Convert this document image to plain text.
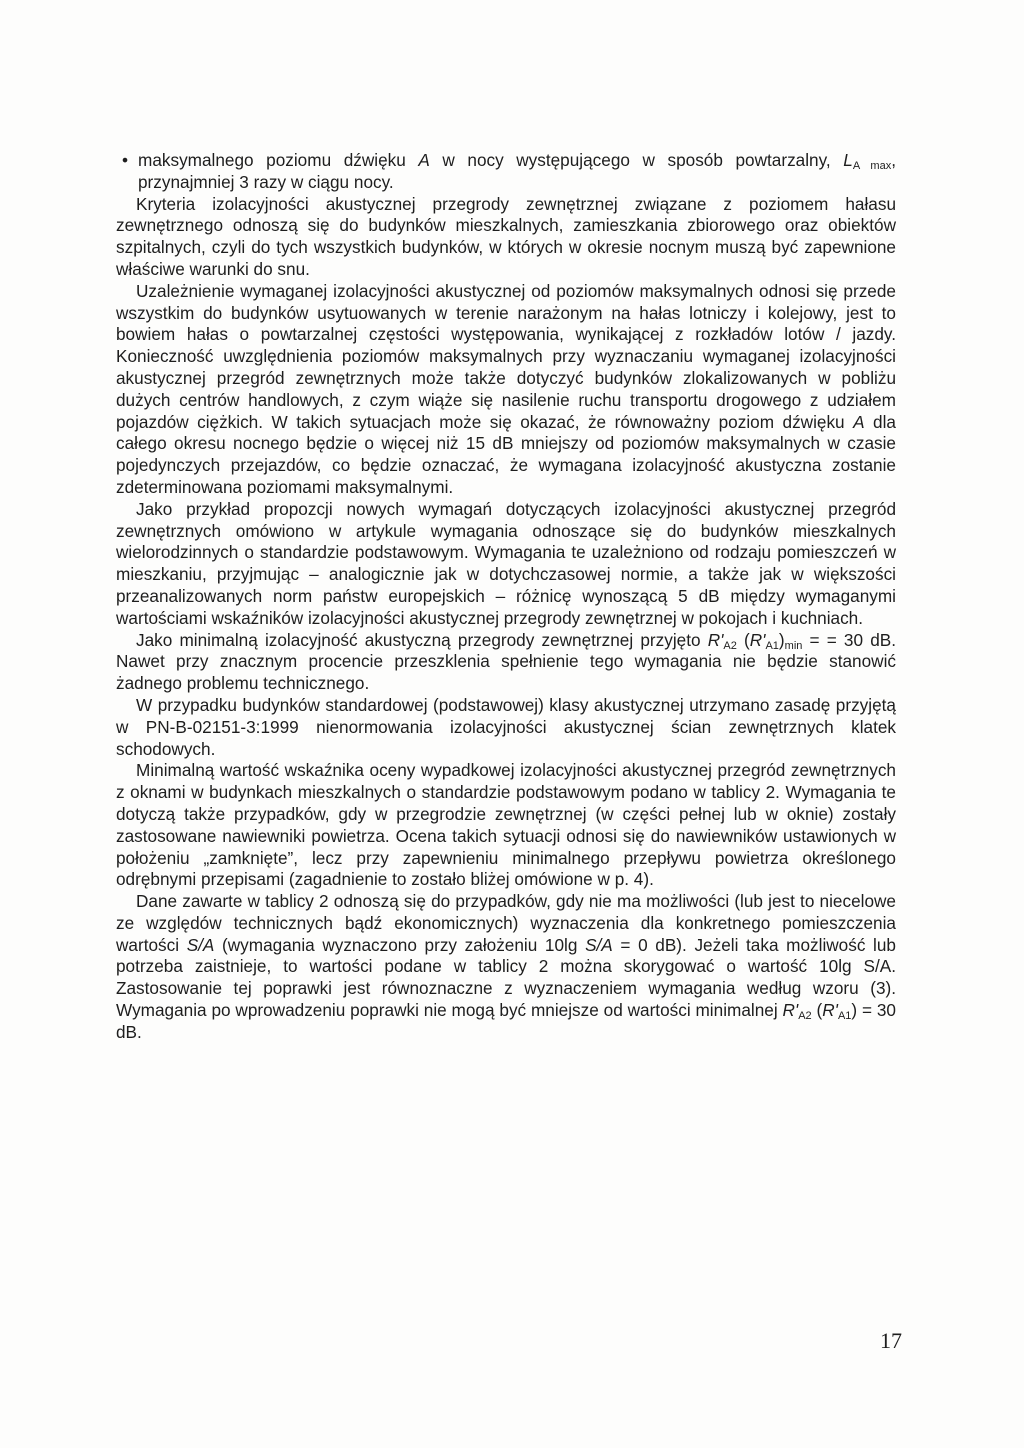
• maksymalnego poziomu dźwięku A w nocy występującego w sposób powtarzalny, $L_{A max}$, przynajmniej 3 razy w ciągu nocy.

Kryteria izolacyjności akustycznej przegrody zewnętrznej związane z poziomem hałasu zewnętrznego odnoszą się do budynków mieszkalnych, zamieszkania zbiorowego oraz obiektów szpitalnych, czyli do tych wszystkich budynków, w których w okresie nocnym muszą być zapewnione właściwe warunki do snu.

Uzależnienie wymaganej izolacyjności akustycznej od poziomów maksymalnych odnosi się przede wszystkim do budynków usytuowanych w terenie narażonym na hałas lotniczy i kolejowy, jest to bowiem hałas o powtarzalnej częstości występowania, wynikającej z rozkładów lotów / jazdy. Konieczność uwzględnienia poziomów maksymalnych przy wyznaczaniu wymaganej izolacyjności akustycznej przegród zewnętrznych może także dotyczyć budynków zlokalizowanych w pobliżu dużych centrów handlowych, z czym wiąże się nasilenie ruchu transportu drogowego z udziałem pojazdów ciężkich. W takich sytuacjach może się okazać, że równoważny poziom dźwięku A dla całego okresu nocnego będzie o więcej niż 15 dB mniejszy od poziomów maksymalnych w czasie pojedynczych przejazdów, co będzie oznaczać, że wymagana izolacyjność akustyczna zostanie zdeterminowana poziomami maksymalnymi.

Jako przykład propozcji nowych wymagań dotyczących izolacyjności akustycznej przegród zewnętrznych omówiono w artykule wymagania odnoszące się do budynków mieszkalnych wielorodzinnych o standardzie podstawowym. Wymagania te uzależniono od rodzaju pomieszczeń w mieszkaniu, przyjmując – analogicznie jak w dotychczasowej normie, a także jak w większości przeanalizowanych norm państw europejskich – różnicę wynoszącą 5 dB między wymaganymi wartościami wskaźników izolacyjności akustycznej przegrody zewnętrznej w pokojach i kuchniach.

Jako minimalną izolacyjność akustyczną przegrody zewnętrznej przyjęto $R'_{A2}$ $(R'_{A1})_{min}$ = = 30 dB. Nawet przy znacznym procencie przeszklenia spełnienie tego wymagania nie będzie stanowić żadnego problemu technicznego.

W przypadku budynków standardowej (podstawowej) klasy akustycznej utrzymano zasadę przyjętą w PN-B-02151-3:1999 nienormowania izolacyjności akustycznej ścian zewnętrznych klatek schodowych.

Minimalną wartość wskaźnika oceny wypadkowej izolacyjności akustycznej przegród zewnętrznych z oknami w budynkach mieszkalnych o standardzie podstawowym podano w tablicy 2. Wymagania te dotyczą także przypadków, gdy w przegrodzie zewnętrznej (w części pełnej lub w oknie) zostały zastosowane nawiewniki powietrza. Ocena takich sytuacji odnosi się do nawiewników ustawionych w położeniu „zamknięte”, lecz przy zapewnieniu minimalnego przepływu powietrza określonego odrębnymi przepisami (zagadnienie to zostało bliżej omówione w p. 4).

Dane zawarte w tablicy 2 odnoszą się do przypadków, gdy nie ma możliwości (lub jest to niecelowe ze względów technicznych bądź ekonomicznych) wyznaczenia dla konkretnego pomieszczenia wartości S/A (wymagania wyznaczono przy założeniu 10lg S/A = 0 dB). Jeżeli taka możliwość lub potrzeba zaistnieje, to wartości podane w tablicy 2 można skorygować o wartość 10lg S/A. Zastosowanie tej poprawki jest równoznaczne z wyznaczeniem wymagania według wzoru (3). Wymagania po wprowadzeniu poprawki nie mogą być mniejsze od wartości minimalnej $R'_{A2}$ $(R'_{A1}) = 30$ dB.

17
